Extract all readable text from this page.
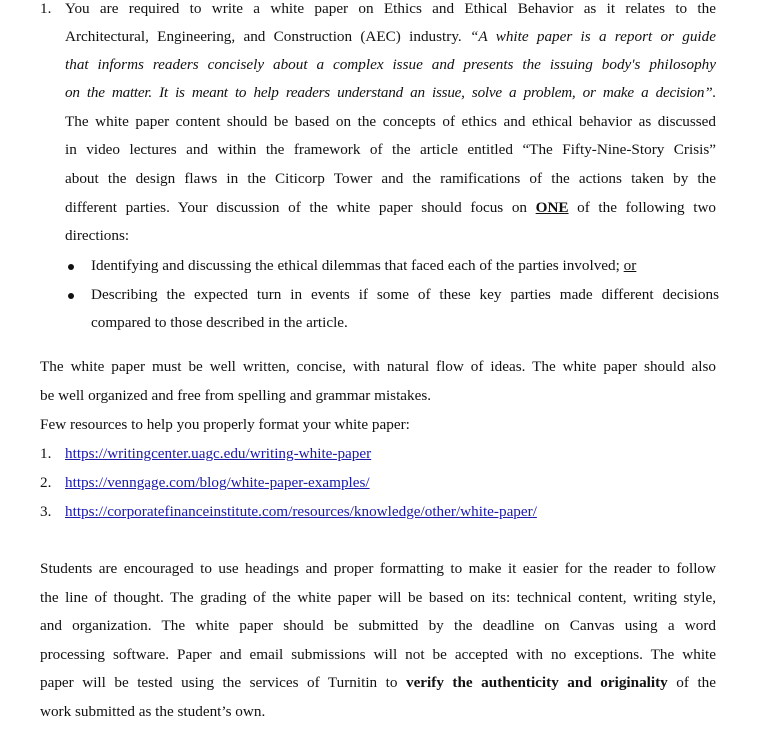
1. You are required to write a white paper on Ethics and Ethical Behavior as it relates to the
Architectural, Engineering, and Construction (AEC) industry. “A white paper is a report or guide
that informs readers concisely about a complex issue and presents the issuing body's philosophy
on the matter. It is meant to help readers understand an issue, solve a problem, or make a decision”.
The white paper content should be based on the concepts of ethics and ethical behavior as discussed
in video lectures and within the framework of the article entitled “The Fifty-Nine-Story Crisis”
about the design flaws in the Citicorp Tower and the ramifications of the actions taken by the
different parties. Your discussion of the white paper should focus on ONE of the following two
directions:
Identifying and discussing the ethical dilemmas that faced each of the parties involved; or
Describing the expected turn in events if some of these key parties made different decisions
compared to those described in the article.
The white paper must be well written, concise, with natural flow of ideas. The white paper should also
be well organized and free from spelling and grammar mistakes.
Few resources to help you properly format your white paper:
1. https://writingcenter.uagc.edu/writing-white-paper
2. https://venngage.com/blog/white-paper-examples/
3. https://corporatefinanceinstitute.com/resources/knowledge/other/white-paper/
Students are encouraged to use headings and proper formatting to make it easier for the reader to follow
the line of thought. The grading of the white paper will be based on its: technical content, writing style,
and organization. The white paper should be submitted by the deadline on Canvas using a word
processing software. Paper and email submissions will not be accepted with no exceptions. The white
paper will be tested using the services of Turnitin to verify the authenticity and originality of the
work submitted as the student’s own.
